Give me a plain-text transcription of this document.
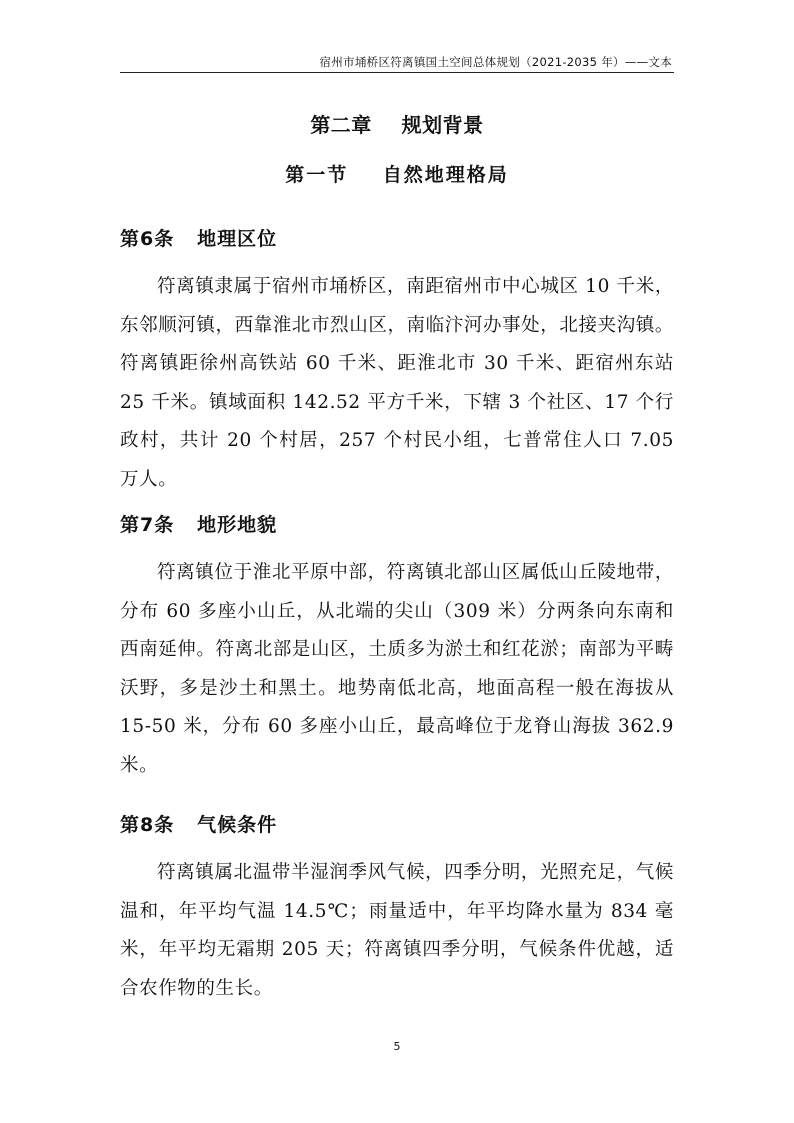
宿州市埇桥区符离镇国土空间总体规划（2021-2035 年）——文本
第二章    规划背景
第一节    自然地理格局
第6条   地理区位
符离镇隶属于宿州市埇桥区，南距宿州市中心城区 10 千米，东邻顺河镇，西靠淮北市烈山区，南临汴河办事处，北接夹沟镇。符离镇距徐州高铁站 60 千米、距淮北市 30 千米、距宿州东站 25 千米。镇域面积 142.52 平方千米，下辖 3 个社区、17 个行政村，共计 20 个村居，257 个村民小组，七普常住人口 7.05 万人。
第7条   地形地貌
符离镇位于淮北平原中部，符离镇北部山区属低山丘陵地带，分布 60 多座小山丘，从北端的尖山（309 米）分两条向东南和西南延伸。符离北部是山区，土质多为淤土和红花淤；南部为平畴沃野，多是沙土和黑土。地势南低北高，地面高程一般在海拔从 15-50 米，分布 60 多座小山丘，最高峰位于龙脊山海拔 362.9 米。
第8条   气候条件
符离镇属北温带半湿润季风气候，四季分明，光照充足，气候温和，年平均气温 14.5℃；雨量适中，年平均降水量为 834 毫米，年平均无霜期 205 天；符离镇四季分明，气候条件优越，适合农作物的生长。
5
